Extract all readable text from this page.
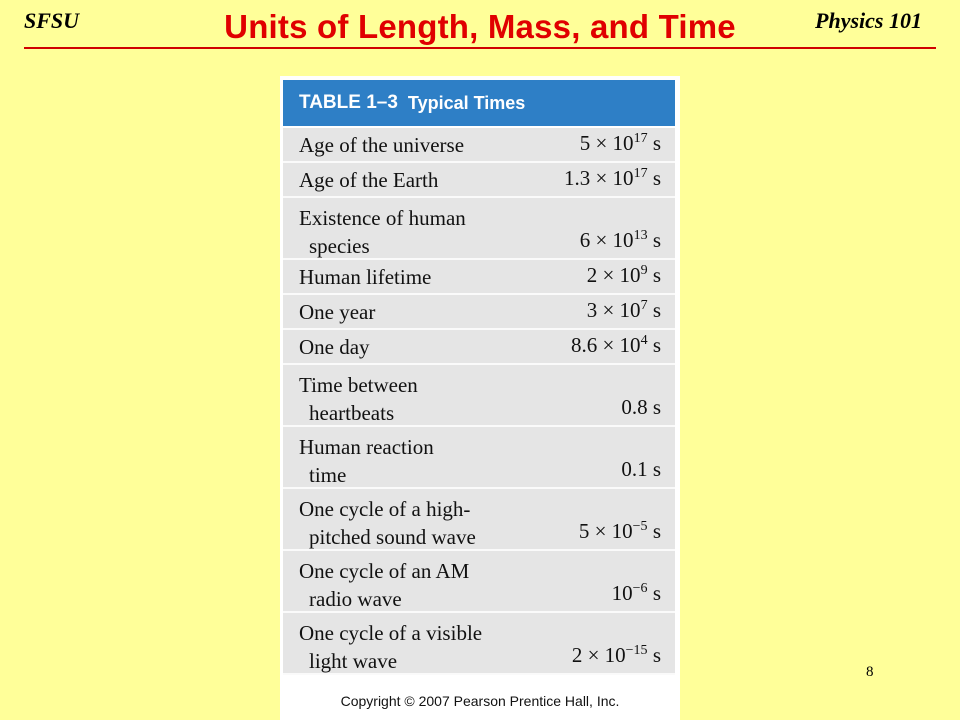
SFSU	Units of Length, Mass, and Time	Physics 101
TABLE 1–3 Typical Times
Age of the universe	$5 \times 10^{17}$ s
Age of the Earth	$1.3 \times 10^{17}$ s
Existence of human
species	$6 \times 10^{13}$ s
Human lifetime	$2 \times 10^9$ s
One year	$3 \times 10^7$ s
One day	$8.6 \times 10^4$ s
Time between
heartbeats	0.8 s
Human reaction
time	0.1 s
One cycle of a high-
pitched sound wave	$5 \times 10^{-5}$ s
One cycle of an AM
radio wave	$10^{-6}$ s
One cycle of a visible
light wave	$2 \times 10^{-15}$ s
Copyright © 2007 Pearson Prentice Hall, Inc.
8
